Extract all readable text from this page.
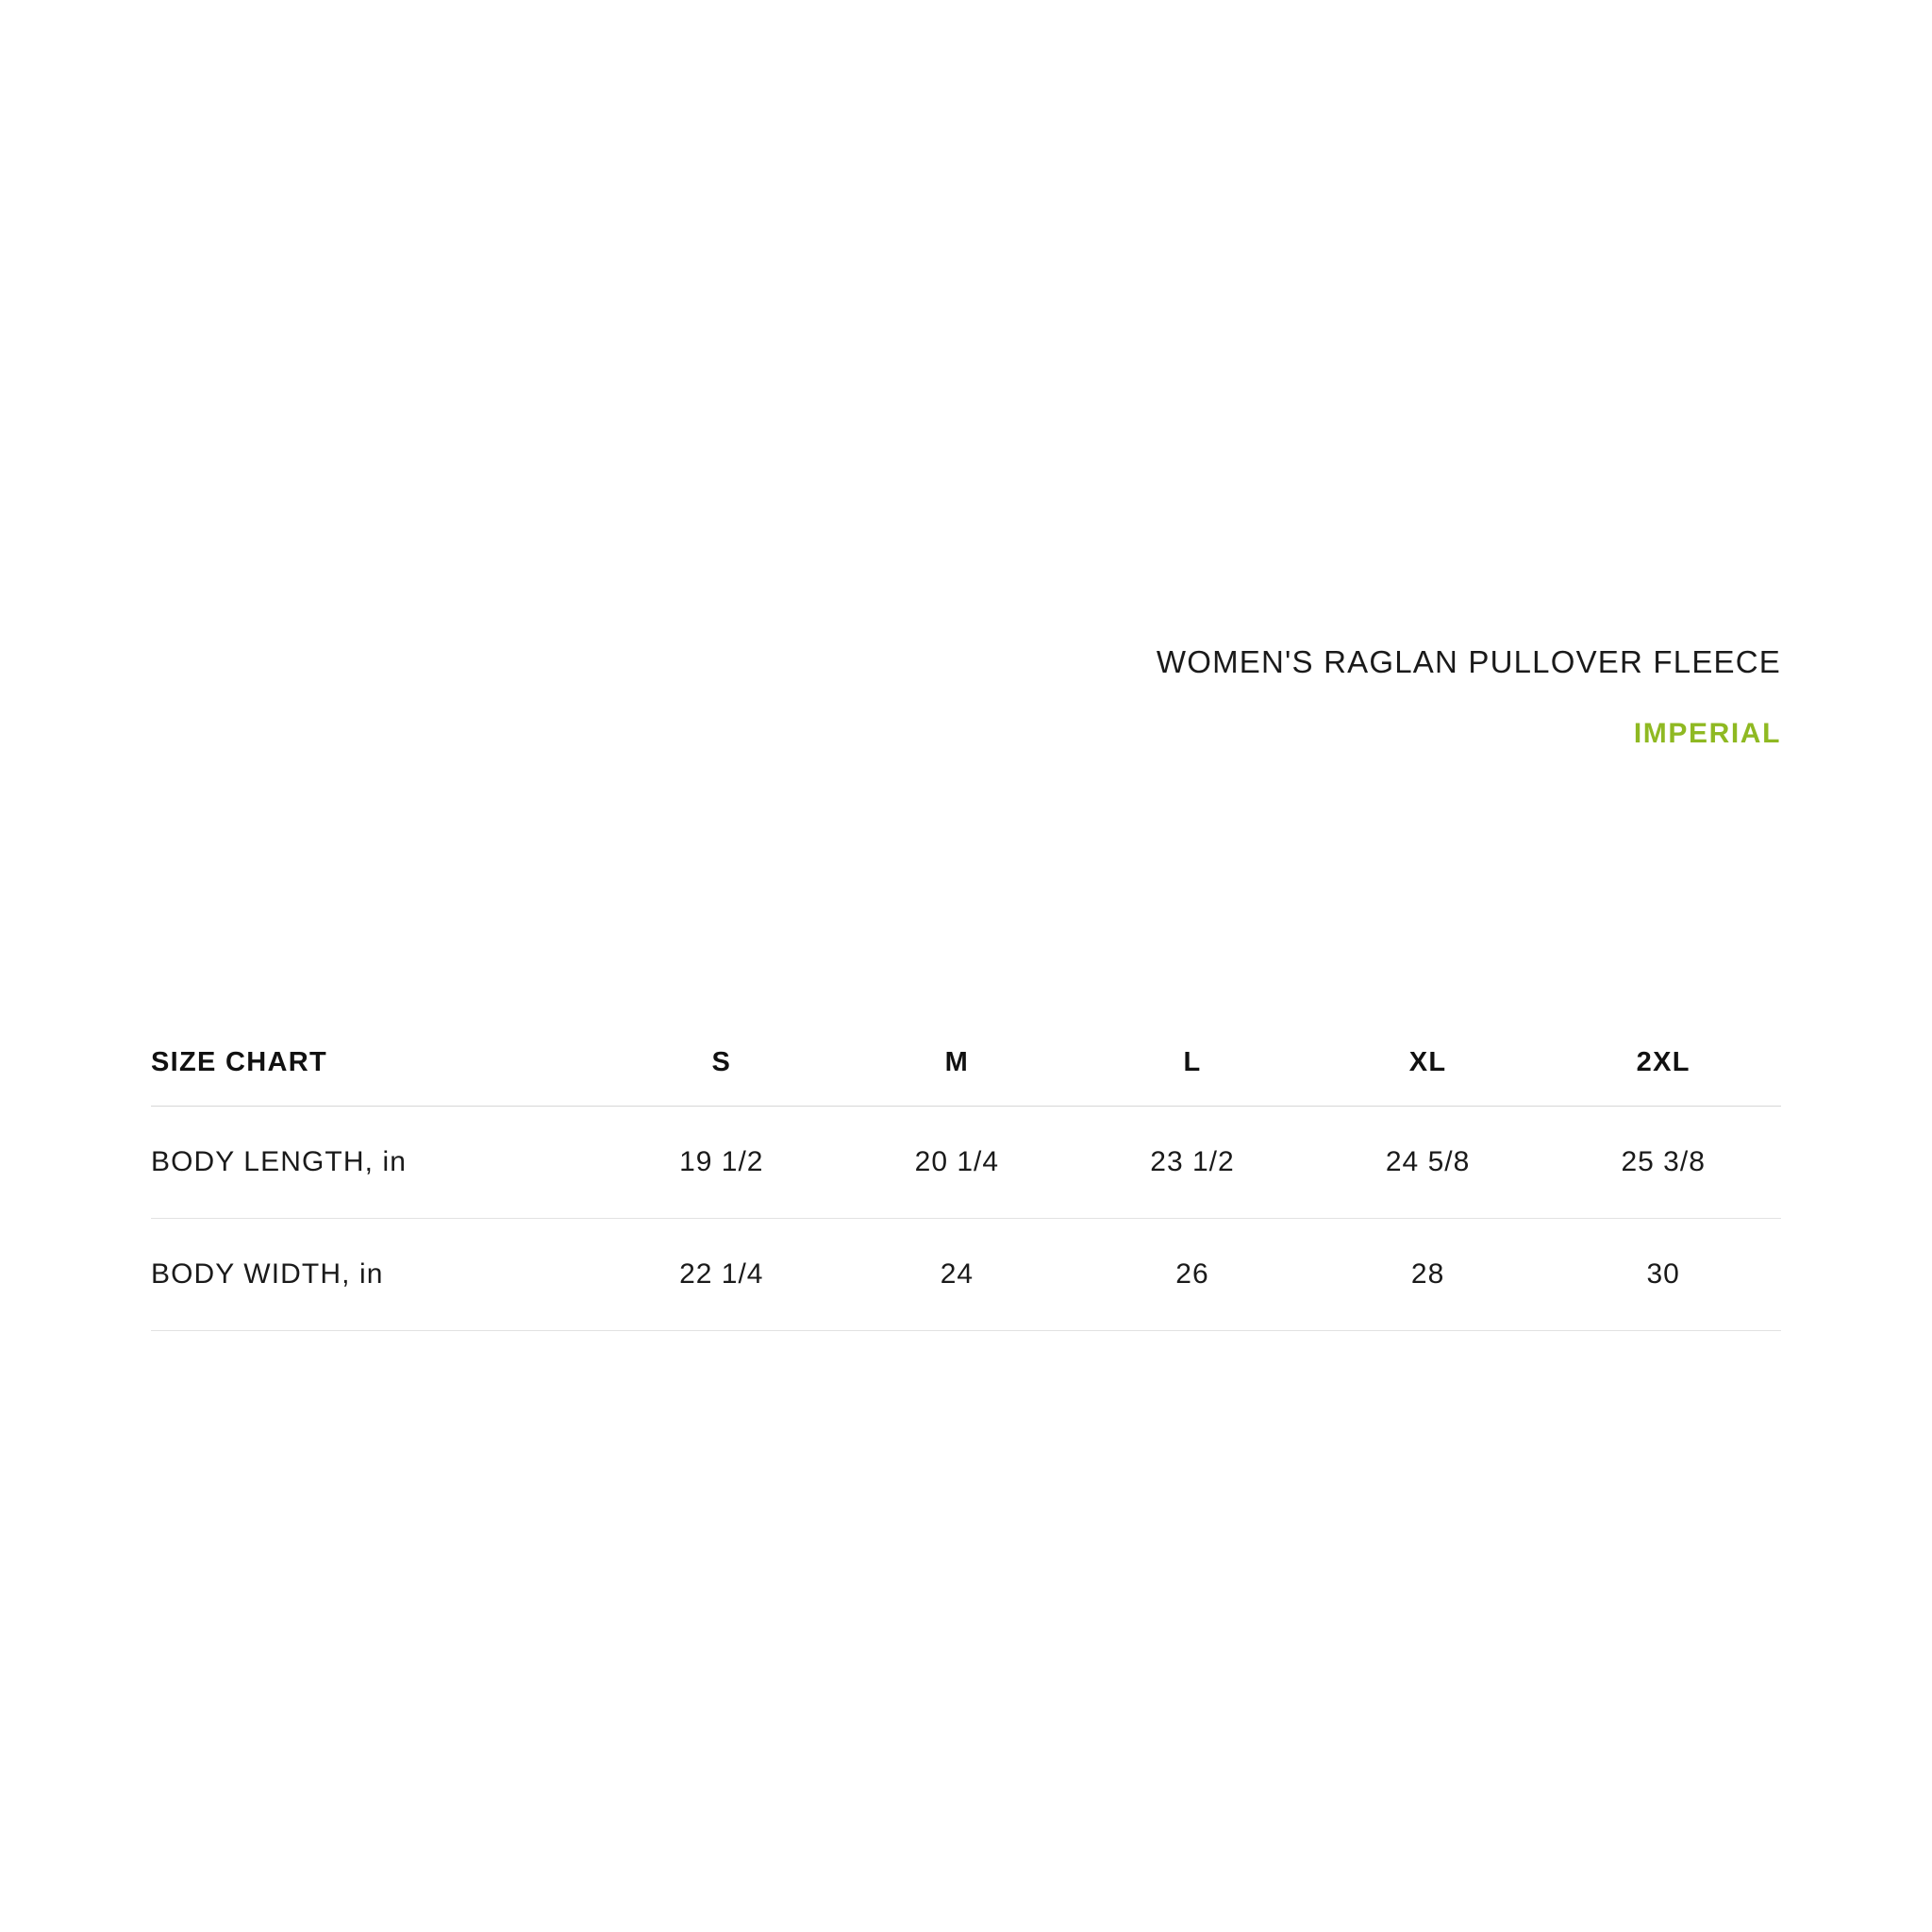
WOMEN'S RAGLAN PULLOVER FLEECE
IMPERIAL
SIZE CHART	S	M	L	XL	2XL
BODY LENGTH, in	19 1/2	20 1/4	23 1/2	24 5/8	25 3/8
BODY WIDTH, in	22 1/4	24	26	28	30
